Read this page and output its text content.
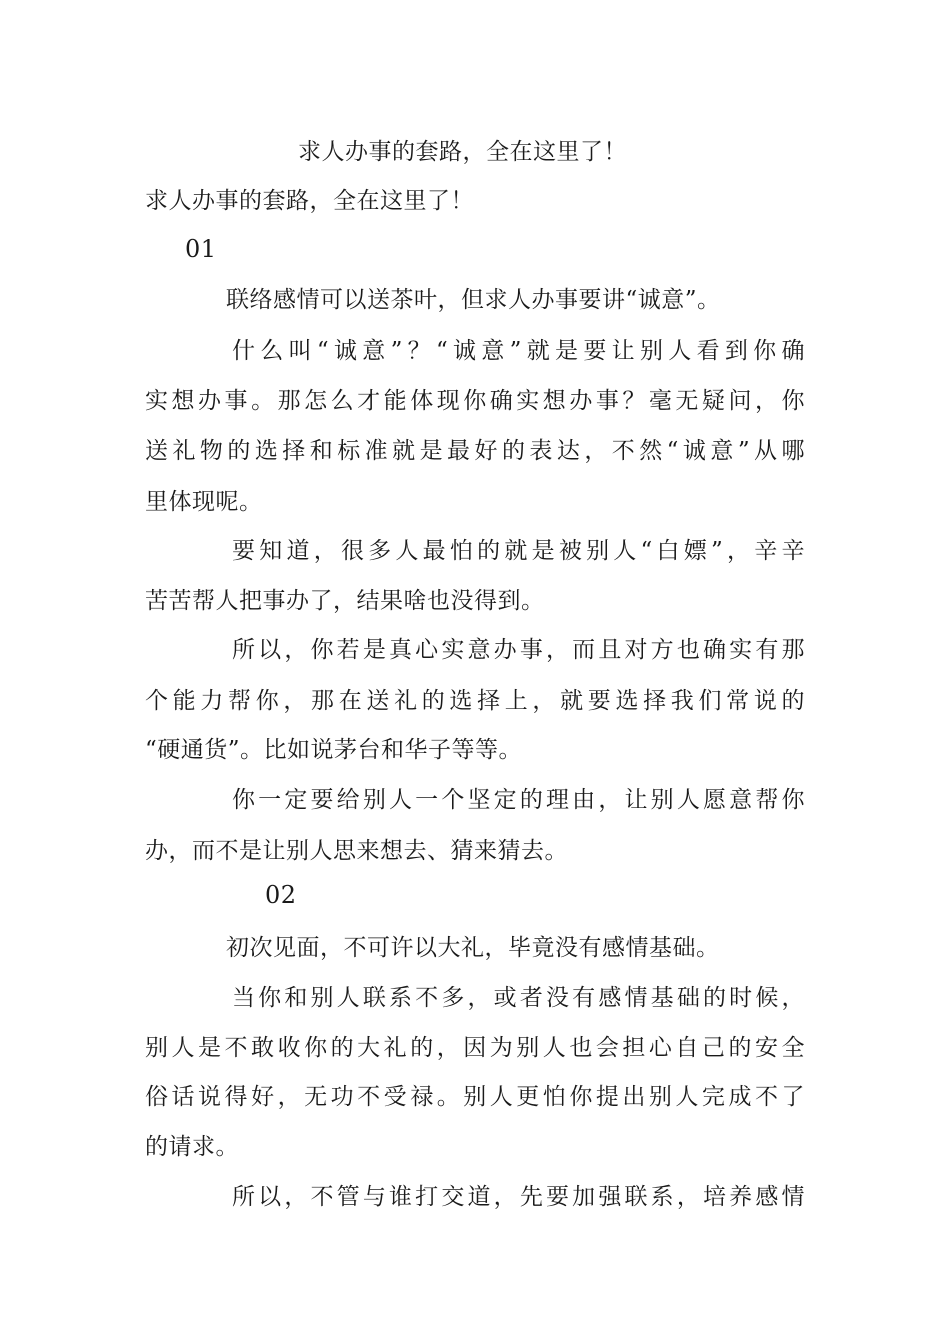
求人办事的套路，全在这里了！
求人办事的套路，全在这里了！
01
联络感情可以送茶叶，但求人办事要讲“诚意”。
什么叫“诚意”？“诚意”就是要让别人看到你确
实想办事。那怎么才能体现你确实想办事？毫无疑问，你
送礼物的选择和标准就是最好的表达，不然“诚意”从哪
里体现呢。
要知道，很多人最怕的就是被别人“白嫖”，辛辛
苦苦帮人把事办了，结果啥也没得到。
所以，你若是真心实意办事，而且对方也确实有那
个能力帮你，那在送礼的选择上，就要选择我们常说的
“硬通货”。比如说茅台和华子等等。
你一定要给别人一个坚定的理由，让别人愿意帮你
办，而不是让别人思来想去、猜来猜去。
02
初次见面，不可许以大礼，毕竟没有感情基础。
当你和别人联系不多，或者没有感情基础的时候，
别人是不敢收你的大礼的，因为别人也会担心自己的安全
俗话说得好，无功不受禄。别人更怕你提出别人完成不了
的请求。
所以，不管与谁打交道，先要加强联系，培养感情
